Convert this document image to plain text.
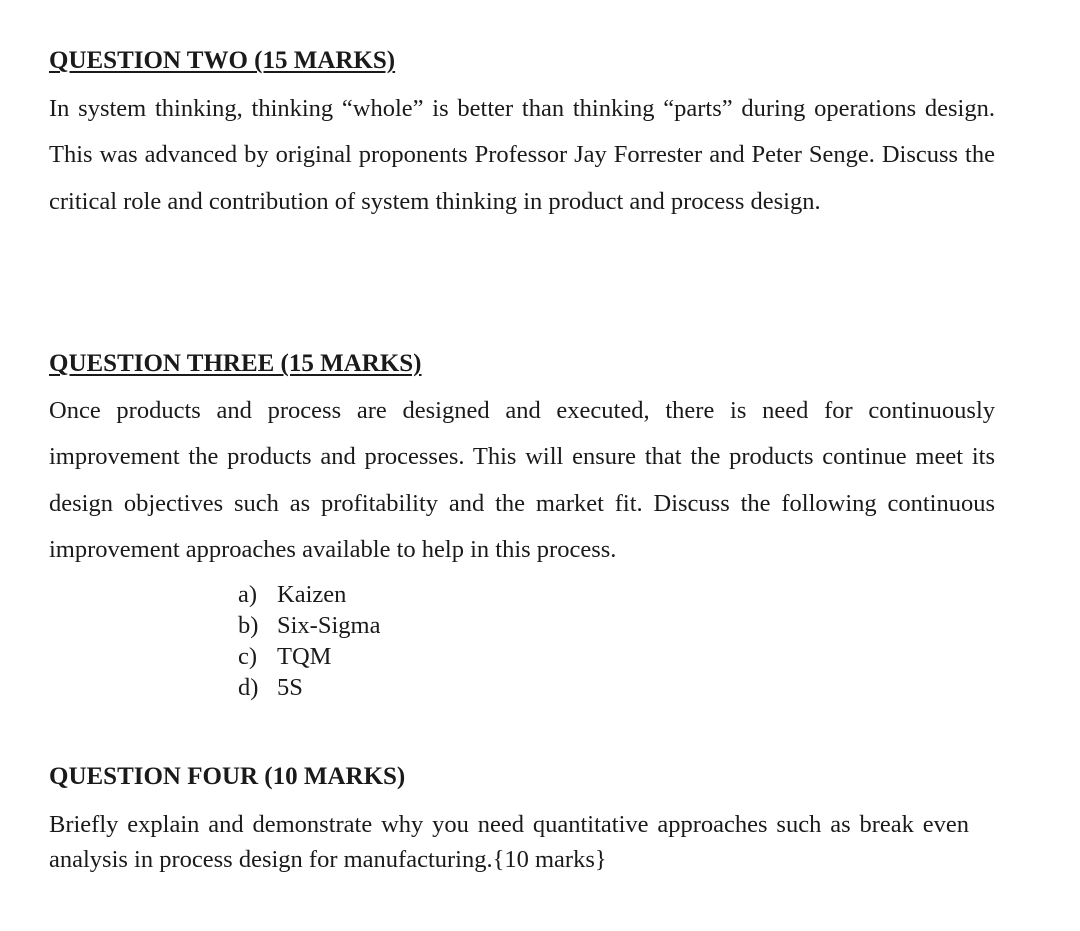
QUESTION TWO (15 MARKS)

In system thinking, thinking “whole” is better than thinking “parts” during operations design. This was advanced by original proponents Professor Jay Forrester and Peter Senge. Discuss the critical role and contribution of system thinking in product and process design.

QUESTION THREE (15 MARKS)

Once products and process are designed and executed, there is need for continuously improvement the products and processes. This will ensure that the products continue meet its design objectives such as profitability and the market fit. Discuss the following continuous improvement approaches available to help in this process.

a) Kaizen
b) Six-Sigma
c) TQM
d) 5S
QUESTION FOUR (10 MARKS)

Briefly explain and demonstrate why you need quantitative approaches such as break even analysis in process design for manufacturing.{10 marks}
